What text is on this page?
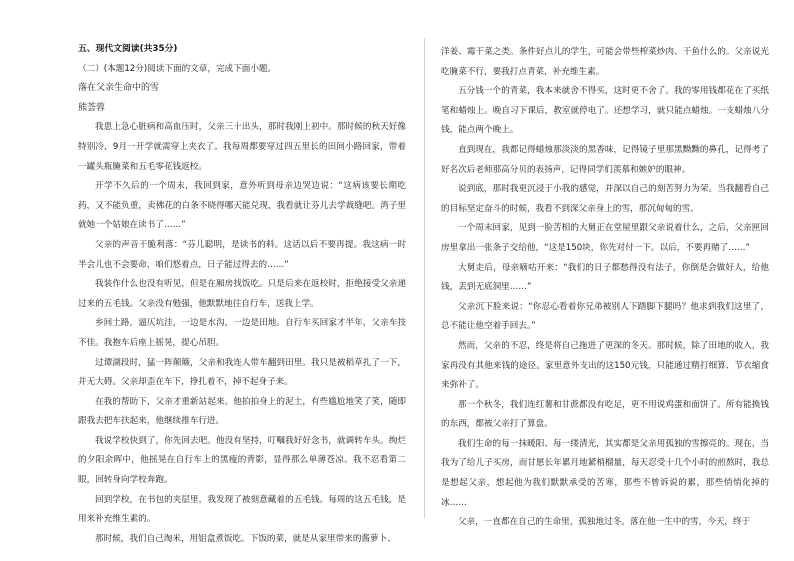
五、现代文阅读(共35分)

（二）(本题12分)阅读下面的文章，完成下面小题。

落在父亲生命中的雪

熊荟蓉

我患上急心脏病和高血压时，父亲三十出头，那时我刚上初中。那时候的秋天好像特别冷，9月一开学就需穿上夹衣了。我每周都要穿过四五里长的田间小路回家，带着一罐头瓶腌菜和五毛零花钱返校。

开学不久后的一个周末，我回到家，意外听到母亲边哭边说：“这病该要长期吃药，又不能负重，卖佛花的白条不晓得哪天能兑现，我看就让芬儿去学裁缝吧。湾子里就她一个姑娘在读书了……”

父亲的声音干脆利落：“芬儿聪明，是读书的料。这话以后不要再提。我这病一时半会儿也不会要命，咱们悠着点，日子能过得去的……”

我装作什么也没有听见，但是在厢房找饭吃。只是后来在返校时，拒绝接受父亲递过来的五毛钱。父亲没有勉强，他默默地往自行车，送我上学。

乡间土路，逼仄坑洼，一边是水沟，一边是田地。自行车买回家才半年，父亲车技不佳。我抱车后座上摇晃，提心吊胆。

过谭湖段时，猛一阵颠簸，父亲和我连人带车翻到田里。我只是被稻草扎了一下，并无大碍。父亲却歪在车下，挣扎着不，掉不起身子来。

在我的帮助下，父亲才重新站起来。他拍拍身上的泥土，有些尴尬地笑了笑，随即跟我去把车扶起来，他继续推车行进。

我说学校快到了，你先回去吧。他没有坚持，叮嘱我好好念书，就调转车头。绚烂的夕阳余晖中，他摇晃在自行车上的黑瘦的背影，显得那么单薄苍凉。我不忍看第二眼，回转身向学校奔跑。

回到学校，在书包的夹层里，我发现了被刻意藏着的五毛钱。每周的这五毛钱，是用来补充维生素的。

那时候，我们自己淘米，用铝盒煮饭吃。下饭的菜，就是从家里带来的酱萝卜、

洋姜、霉干菜之类。条件好点儿的学生，可能会带些榨菜炒肉、干鱼什么的。父亲说光吃腌菜不行，要我打点青菜，补充维生素。

五分钱一个的青菜，我本来就舍不得买，这时更不舍了。我的零用钱都花在了买纸笔和蜡烛上。晚自习下课后，教室就停电了。还想学习，就只能点蜡烛。一支蜡烛八分钱，能点两个晚上。

直到现在，我都记得蜡烛那淡淡的黑香味，记得镜子里那黑黝黝的鼻孔，记得考了好名次后老师那高分贝的表扬声，记得同学们羡慕和嫉妒的眼神。

说到底，那时我更沉浸于小我的感觉，并深以自己的刻苦努力为荣。当我翻看自己的目标坚定奋斗的时候，我看不到深父亲身上的雪，那沉甸甸的雪。

一个周末回家，见到一脸苦相的大舅正在堂屋里跟父亲说着什么，之后，父亲匣回房里拿出一张条子交给他，“这是150块，你先对付一下。以后，不要再赌了……”

大舅走后，母亲嘀咕开来：“我们的日子都愁得没有法子，你倒是会做好人，给他钱，丢到无底洞里……”

父亲沉下脸来说：“你忍心看着你兄弟被别人下踏脚下腿吗？他求到我们这里了，总不能让他空着手回去。”

然而，父亲的不忍，终是将自己拖进了更深的冬天。那时候，除了田地的收入，我家再没有其他来钱的途径。家里意外支出的这150元钱，只能通过精打细算、节衣缩食来弥补了。

那一个秋冬，我们连红薯和甘蔗都没有吃足，更不用说鸡蛋和面饼了。所有能换钱的东西，都被父亲打了算盘。

我们生命的每一抹暖阳、每一缕清光，其实都是父亲用孤独的雪擦亮的。现在，当我为了给儿子买房，而甘愿长年累月地紧梢榴量，每天忍受十几个小时的煎熬时，我总是想起父亲，想起他为我们默默承受的苦寒，那些不曾诉说的累，那些悄悄化掉的冰……

父亲，一直都在自己的生命里，孤独地过冬。落在他一生中的雪，今天，终于
